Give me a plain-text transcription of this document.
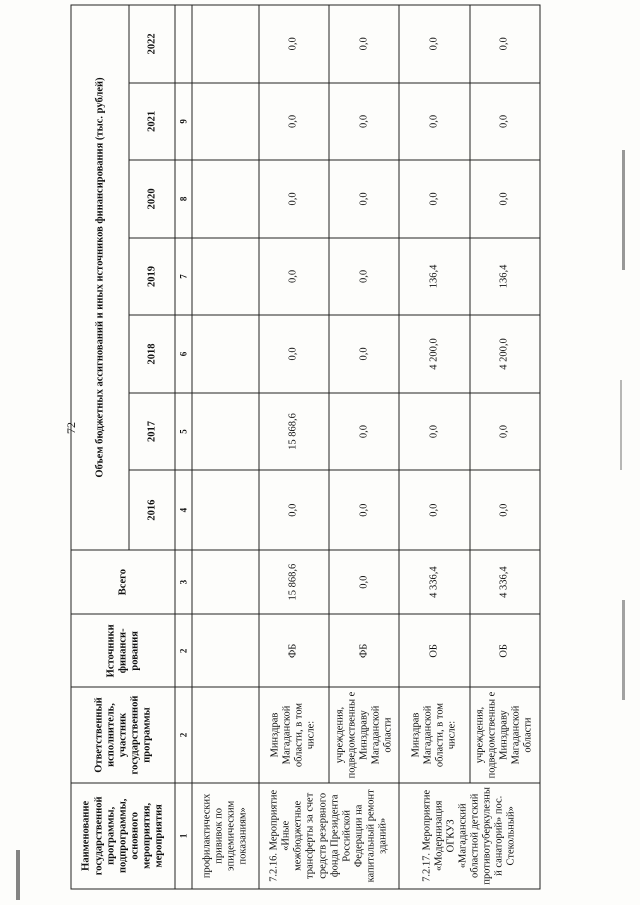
72
Наименование государственной программы, подпрограммы, основного мероприятия, мероприятия	Ответственный исполнитель, участник государственной программы	Источники финанси-рования	Всего	Объем бюджетных ассигнований и иных источников финансирования (тыс. рублей)						
				2016	2017	2018	2019	2020	2021	2022
1	2	2	3	4	5	6	7	8	9	
профилактических прививок по эпидемическим показаниям»										
7.2.16. Мероприятие «Иные межбюджетные трансферты за счет средств резервного фонда Президента Российской Федерации на капитальный ремонт зданий»	Минздрав Магаданской области, в том числе:	ФБ	15 868,6	0,0	15 868,6	0,0	0,0	0,0	0,0	0,0
	учреждения, подведомственны е Минздраву Магаданской области	ФБ	0,0	0,0	0,0	0,0	0,0	0,0	0,0	0,0
7.2.17. Мероприятие «Модернизация ОГКУЗ «Магаданский областной детский противотуберкулезны й санаторий» пос. Стекольный»	Минздрав Магаданской области, в том числе:	ОБ	4 336,4	0,0	0,0	4 200,0	136,4	0,0	0,0	0,0
	учреждения, подведомственны е Минздраву Магаданской области	ОБ	4 336,4	0,0	0,0	4 200,0	136,4	0,0	0,0	0,0
